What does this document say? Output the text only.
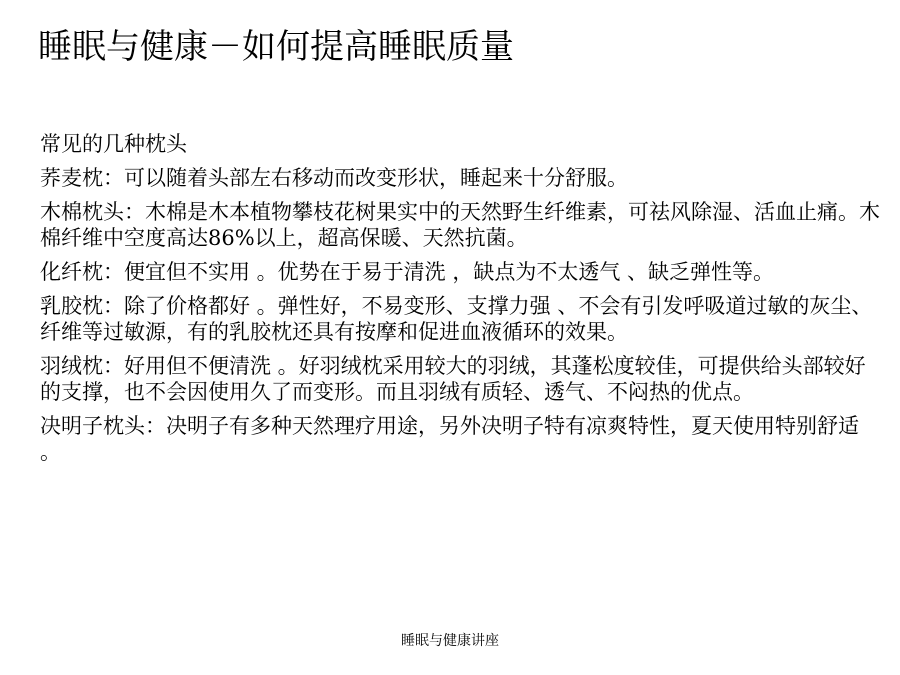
睡眠与健康－如何提高睡眠质量
常见的几种枕头
荞麦枕：可以随着头部左右移动而改变形状，睡起来十分舒服。
木棉枕头：木棉是木本植物攀枝花树果实中的天然野生纤维素，可祛风除湿、活血止痛。木棉纤维中空度高达86%以上，超高保暖、天然抗菌。
化纤枕：便宜但不实用 。优势在于易于清洗 ，缺点为不太透气 、缺乏弹性等。
乳胶枕：除了价格都好 。弹性好，不易变形、支撑力强 、不会有引发呼吸道过敏的灰尘、纤维等过敏源，有的乳胶枕还具有按摩和促进血液循环的效果。
羽绒枕：好用但不便清洗 。好羽绒枕采用较大的羽绒，其蓬松度较佳，可提供给头部较好的支撑，也不会因使用久了而变形。而且羽绒有质轻、透气、不闷热的优点。
决明子枕头：决明子有多种天然理疗用途，另外决明子特有凉爽特性，夏天使用特别舒适 。
睡眠与健康讲座
